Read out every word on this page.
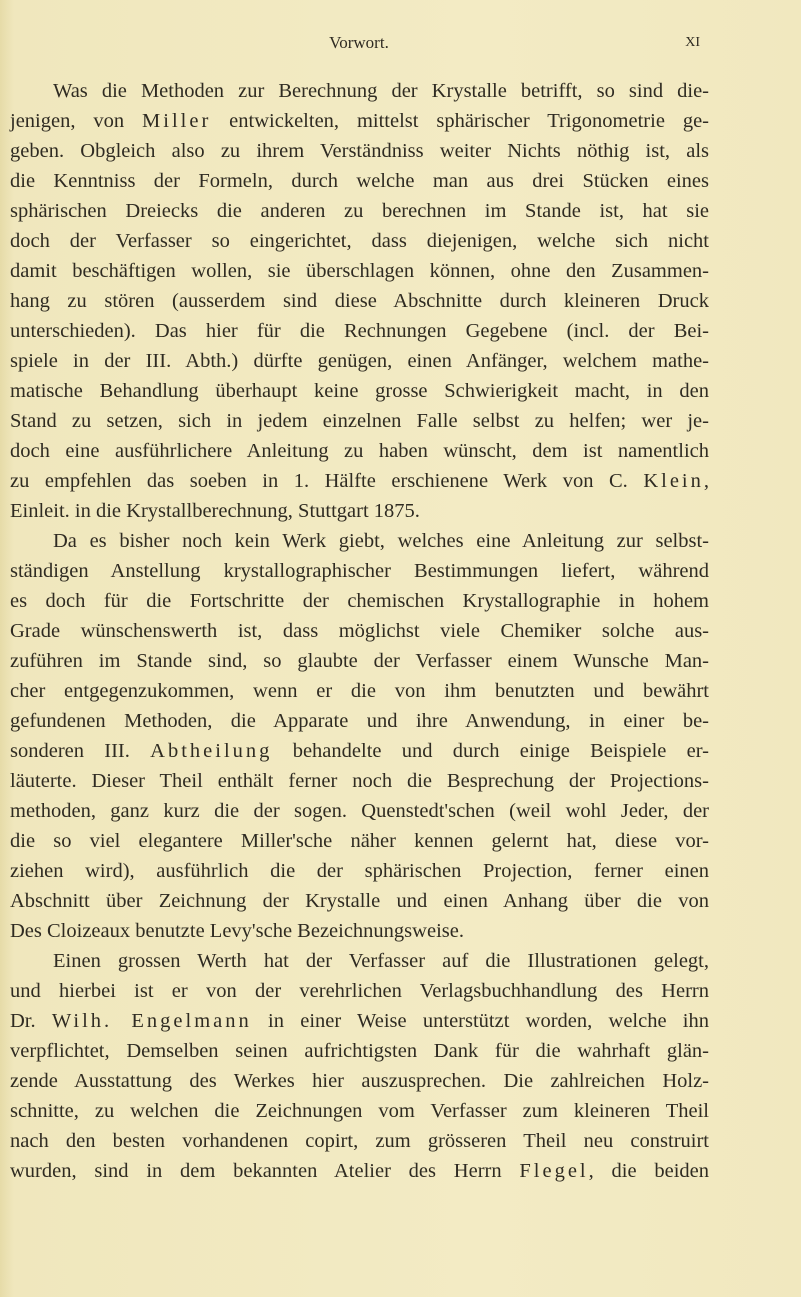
Vorwort.	XI
Was die Methoden zur Berechnung der Krystalle betrifft, so sind die-
jenigen, von Miller entwickelten, mittelst sphärischer Trigonometrie ge-
geben. Obgleich also zu ihrem Verständniss weiter Nichts nöthig ist, als
die Kenntniss der Formeln, durch welche man aus drei Stücken eines
sphärischen Dreiecks die anderen zu berechnen im Stande ist, hat sie
doch der Verfasser so eingerichtet, dass diejenigen, welche sich nicht
damit beschäftigen wollen, sie überschlagen können, ohne den Zusammen-
hang zu stören (ausserdem sind diese Abschnitte durch kleineren Druck
unterschieden). Das hier für die Rechnungen Gegebene (incl. der Bei-
spiele in der III. Abth.) dürfte genügen, einen Anfänger, welchem mathe-
matische Behandlung überhaupt keine grosse Schwierigkeit macht, in den
Stand zu setzen, sich in jedem einzelnen Falle selbst zu helfen; wer je-
doch eine ausführlichere Anleitung zu haben wünscht, dem ist namentlich
zu empfehlen das soeben in 1. Hälfte erschienene Werk von C. Klein,
Einleit. in die Krystallberechnung, Stuttgart 1875.
Da es bisher noch kein Werk giebt, welches eine Anleitung zur selbst-
ständigen Anstellung krystallographischer Bestimmungen liefert, während
es doch für die Fortschritte der chemischen Krystallographie in hohem
Grade wünschenswerth ist, dass möglichst viele Chemiker solche aus-
zuführen im Stande sind, so glaubte der Verfasser einem Wunsche Man-
cher entgegenzukommen, wenn er die von ihm benutzten und bewährt
gefundenen Methoden, die Apparate und ihre Anwendung, in einer be-
sonderen III. Abtheilung behandelte und durch einige Beispiele er-
läuterte. Dieser Theil enthält ferner noch die Besprechung der Projections-
methoden, ganz kurz die der sogen. Quenstedt'schen (weil wohl Jeder, der
die so viel elegantere Miller'sche näher kennen gelernt hat, diese vor-
ziehen wird), ausführlich die der sphärischen Projection, ferner einen
Abschnitt über Zeichnung der Krystalle und einen Anhang über die von
Des Cloizeaux benutzte Levy'sche Bezeichnungsweise.
Einen grossen Werth hat der Verfasser auf die Illustrationen gelegt,
und hierbei ist er von der verehrlichen Verlagsbuchhandlung des Herrn
Dr. Wilh. Engelmann in einer Weise unterstützt worden, welche ihn
verpflichtet, Demselben seinen aufrichtigsten Dank für die wahrhaft glän-
zende Ausstattung des Werkes hier auszusprechen. Die zahlreichen Holz-
schnitte, zu welchen die Zeichnungen vom Verfasser zum kleineren Theil
nach den besten vorhandenen copirt, zum grösseren Theil neu construirt
wurden, sind in dem bekannten Atelier des Herrn Flegel, die beiden
